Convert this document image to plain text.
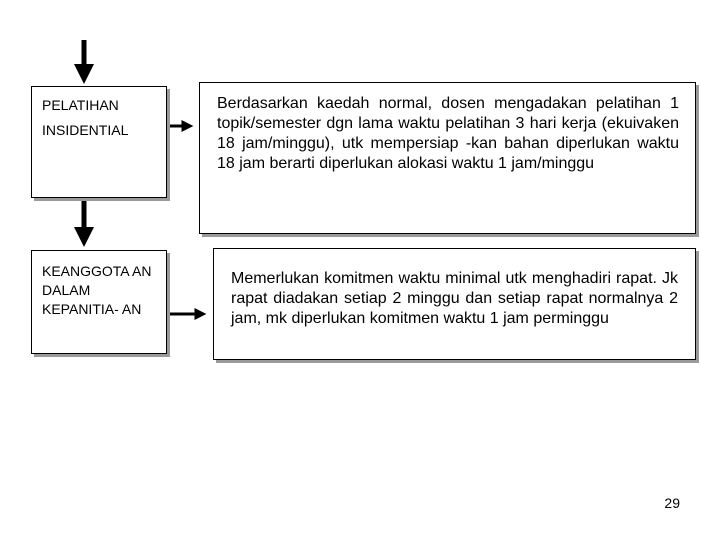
PELATIHAN
INSIDENTIAL
KEANGGOTA AN DALAM KEPANITIA- AN
Berdasarkan kaedah normal, dosen mengadakan pelatihan 1 topik/semester dgn lama waktu pelatihan 3 hari kerja (ekuivaken 18 jam/minggu), utk mempersiap -kan bahan diperlukan waktu 18 jam berarti diperlukan alokasi waktu 1 jam/minggu
Memerlukan komitmen waktu minimal utk menghadiri rapat. Jk rapat diadakan setiap 2 minggu dan setiap rapat normalnya 2 jam, mk diperlukan komitmen waktu 1 jam perminggu
29
